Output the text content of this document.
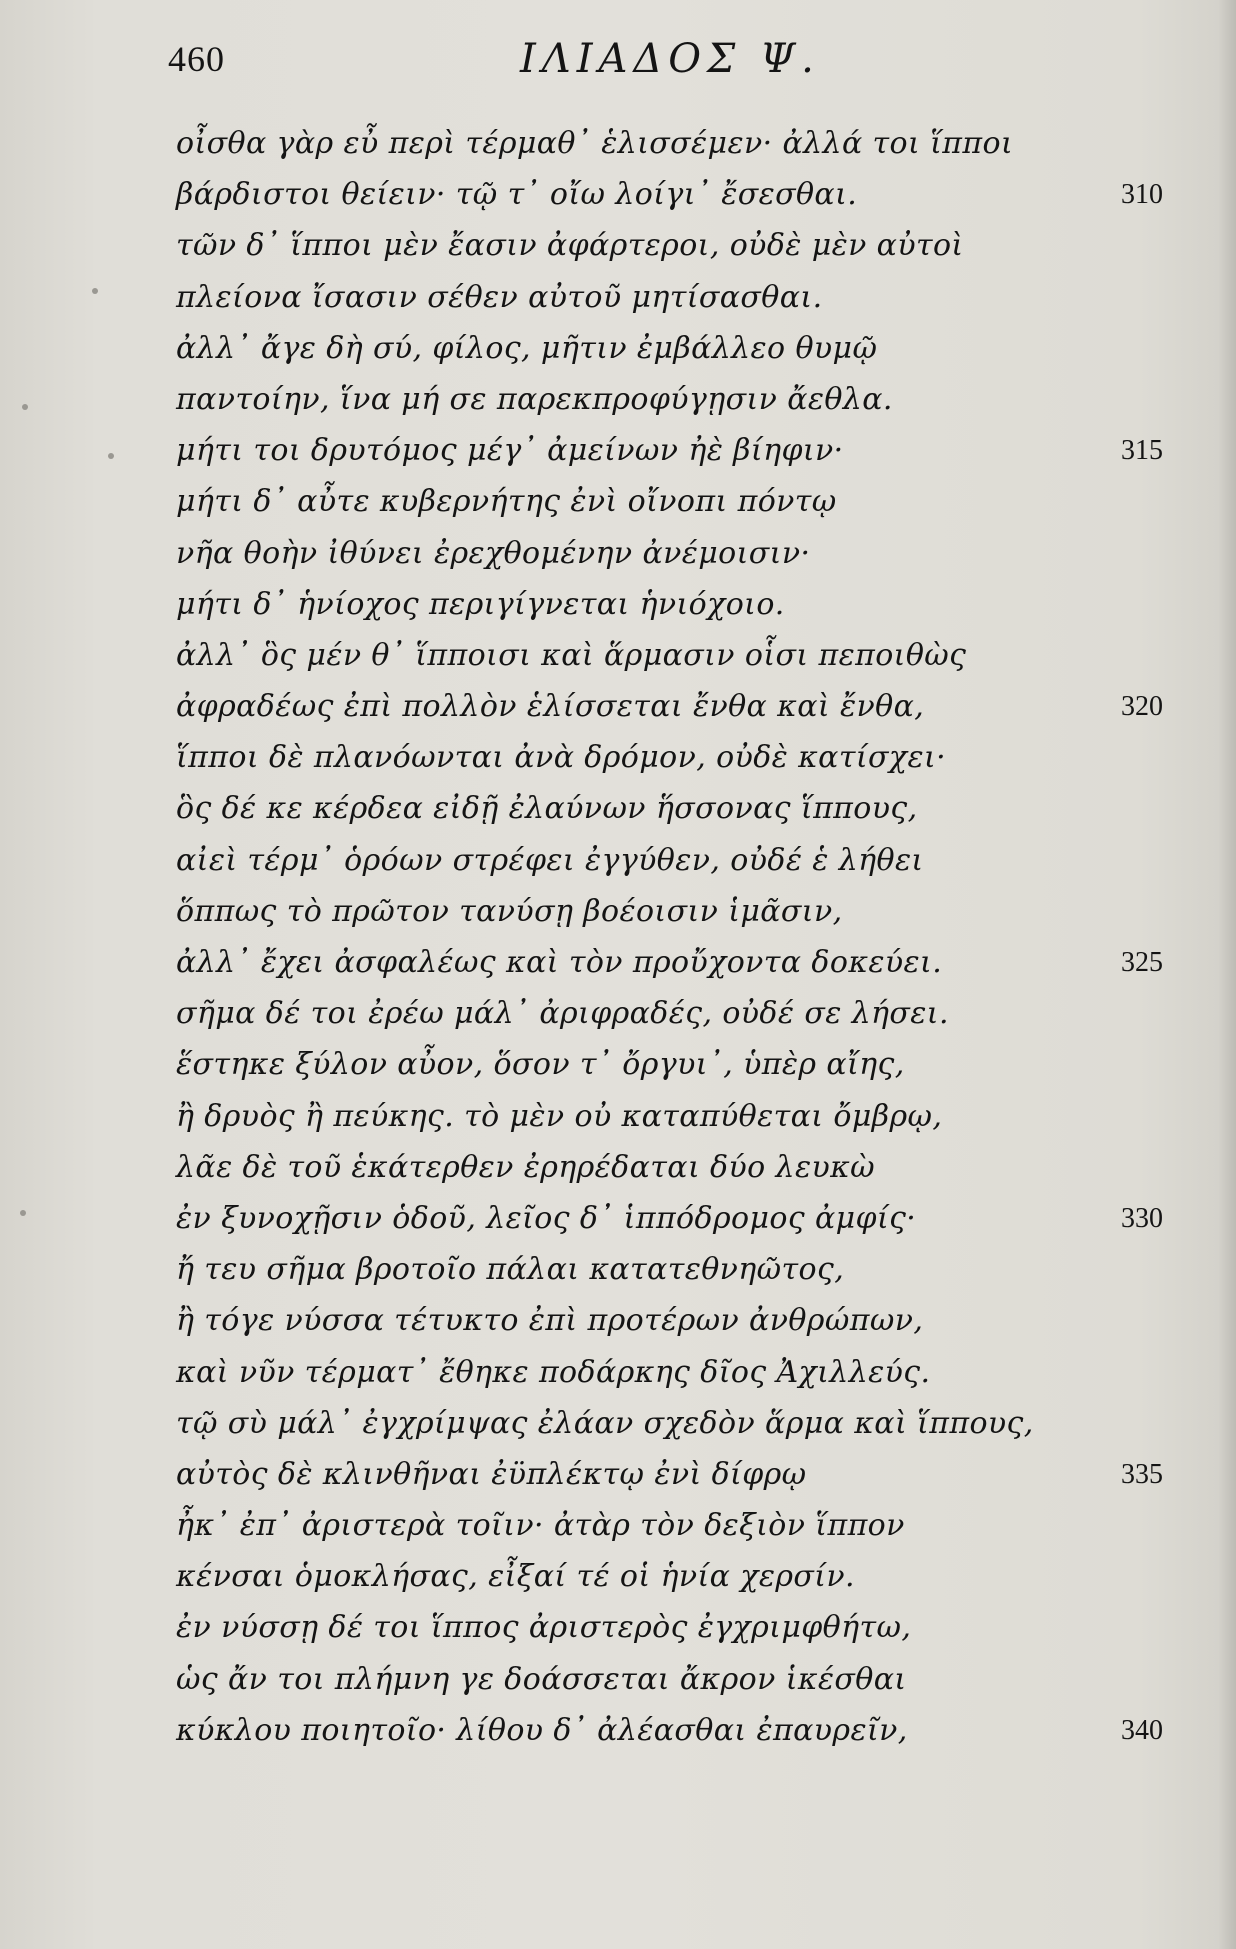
460	ΙΛΙΑΔΟΣ Ψ.
οἶσθα γὰρ εὖ περὶ τέρμαθ᾽ ἑλισσέμεν· ἀλλά τοι ἵπποι
βάρδιστοι θείειν· τῷ τ᾽ οἴω λοίγι᾽ ἔσεσθαι.	310
τῶν δ᾽ ἵπποι μὲν ἔασιν ἀφάρτεροι, οὐδὲ μὲν αὐτοὶ
πλείονα ἴσασιν σέθεν αὐτοῦ μητίσασθαι.
ἀλλ᾽ ἄγε δὴ σύ, φίλος, μῆτιν ἐμβάλλεο θυμῷ
παντοίην, ἵνα μή σε παρεκπροφύγῃσιν ἄεθλα.
μήτι τοι δρυτόμος μέγ᾽ ἀμείνων ἠὲ βίηφιν·	315
μήτι δ᾽ αὖτε κυβερνήτης ἐνὶ οἴνοπι πόντῳ
νῆα θοὴν ἰθύνει ἐρεχθομένην ἀνέμοισιν·
μήτι δ᾽ ἡνίοχος περιγίγνεται ἡνιόχοιο.
ἀλλ᾽ ὃς μέν θ᾽ ἵπποισι καὶ ἅρμασιν οἷσι πεποιθὼς
ἀφραδέως ἐπὶ πολλὸν ἑλίσσεται ἔνθα καὶ ἔνθα,	320
ἵπποι δὲ πλανόωνται ἀνὰ δρόμον, οὐδὲ κατίσχει·
ὃς δέ κε κέρδεα εἰδῇ ἐλαύνων ἥσσονας ἵππους,
αἰεὶ τέρμ᾽ ὁρόων στρέφει ἐγγύθεν, οὐδέ ἑ λήθει
ὅππως τὸ πρῶτον τανύσῃ βοέοισιν ἱμᾶσιν,
ἀλλ᾽ ἔχει ἀσφαλέως καὶ τὸν προὔχοντα δοκεύει.	325
σῆμα δέ τοι ἐρέω μάλ᾽ ἀριφραδές, οὐδέ σε λήσει.
ἕστηκε ξύλον αὖον, ὅσον τ᾽ ὄργυι᾽, ὑπὲρ αἴης,
ἢ δρυὸς ἢ πεύκης. τὸ μὲν οὐ καταπύθεται ὄμβρῳ,
λᾶε δὲ τοῦ ἑκάτερθεν ἐρηρέδαται δύο λευκὼ
ἐν ξυνοχῇσιν ὁδοῦ, λεῖος δ᾽ ἱππόδρομος ἀμφίς·	330
ἤ τευ σῆμα βροτοῖο πάλαι κατατεθνηῶτος,
ἢ τόγε νύσσα τέτυκτο ἐπὶ προτέρων ἀνθρώπων,
καὶ νῦν τέρματ᾽ ἔθηκε ποδάρκης δῖος Ἀχιλλεύς.
τῷ σὺ μάλ᾽ ἐγχρίμψας ἐλάαν σχεδὸν ἅρμα καὶ ἵππους,
αὐτὸς δὲ κλινθῆναι ἐϋπλέκτῳ ἐνὶ δίφρῳ	335
ἦκ᾽ ἐπ᾽ ἀριστερὰ τοῖιν· ἀτὰρ τὸν δεξιὸν ἵππον
κένσαι ὁμοκλήσας, εἶξαί τέ οἱ ἡνία χερσίν.
ἐν νύσσῃ δέ τοι ἵππος ἀριστερὸς ἐγχριμφθήτω,
ὡς ἄν τοι πλήμνη γε δοάσσεται ἄκρον ἱκέσθαι
κύκλου ποιητοῖο· λίθου δ᾽ ἀλέασθαι ἐπαυρεῖν,	340
